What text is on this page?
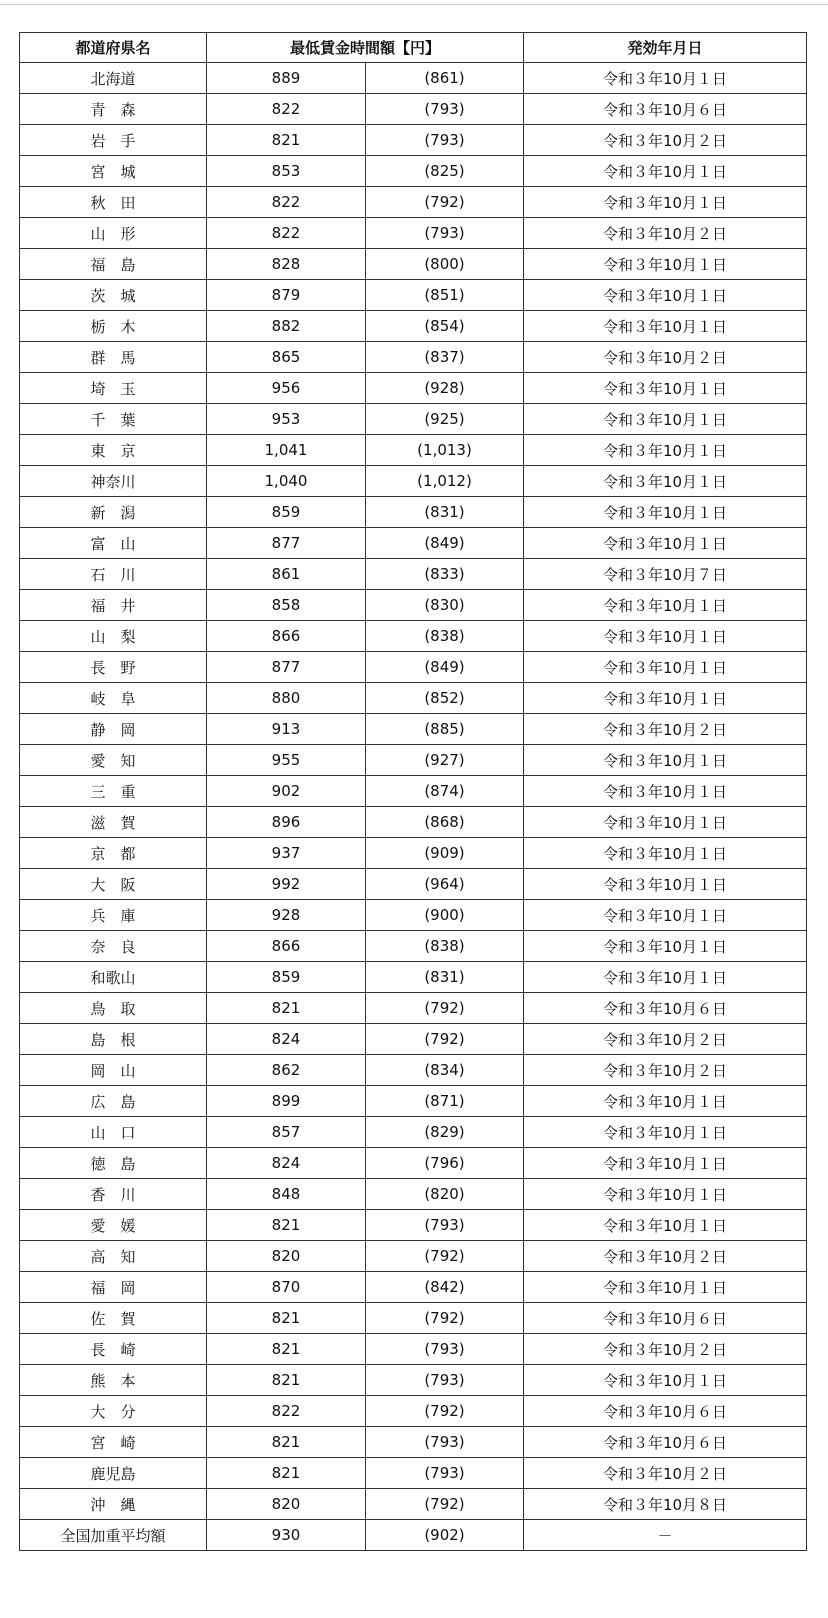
都道府県名	最低賃金時間額【円】		発効年月日
北海道	889	(861)	令和３年10月１日
青　森	822	(793)	令和３年10月６日
岩　手	821	(793)	令和３年10月２日
宮　城	853	(825)	令和３年10月１日
秋　田	822	(792)	令和３年10月１日
山　形	822	(793)	令和３年10月２日
福　島	828	(800)	令和３年10月１日
茨　城	879	(851)	令和３年10月１日
栃　木	882	(854)	令和３年10月１日
群　馬	865	(837)	令和３年10月２日
埼　玉	956	(928)	令和３年10月１日
千　葉	953	(925)	令和３年10月１日
東　京	1,041	(1,013)	令和３年10月１日
神奈川	1,040	(1,012)	令和３年10月１日
新　潟	859	(831)	令和３年10月１日
富　山	877	(849)	令和３年10月１日
石　川	861	(833)	令和３年10月７日
福　井	858	(830)	令和３年10月１日
山　梨	866	(838)	令和３年10月１日
長　野	877	(849)	令和３年10月１日
岐　阜	880	(852)	令和３年10月１日
静　岡	913	(885)	令和３年10月２日
愛　知	955	(927)	令和３年10月１日
三　重	902	(874)	令和３年10月１日
滋　賀	896	(868)	令和３年10月１日
京　都	937	(909)	令和３年10月１日
大　阪	992	(964)	令和３年10月１日
兵　庫	928	(900)	令和３年10月１日
奈　良	866	(838)	令和３年10月１日
和歌山	859	(831)	令和３年10月１日
鳥　取	821	(792)	令和３年10月６日
島　根	824	(792)	令和３年10月２日
岡　山	862	(834)	令和３年10月２日
広　島	899	(871)	令和３年10月１日
山　口	857	(829)	令和３年10月１日
徳　島	824	(796)	令和３年10月１日
香　川	848	(820)	令和３年10月１日
愛　媛	821	(793)	令和３年10月１日
高　知	820	(792)	令和３年10月２日
福　岡	870	(842)	令和３年10月１日
佐　賀	821	(792)	令和３年10月６日
長　崎	821	(793)	令和３年10月２日
熊　本	821	(793)	令和３年10月１日
大　分	822	(792)	令和３年10月６日
宮　崎	821	(793)	令和３年10月６日
鹿児島	821	(793)	令和３年10月２日
沖　縄	820	(792)	令和３年10月８日
全国加重平均額	930	(902)	－
